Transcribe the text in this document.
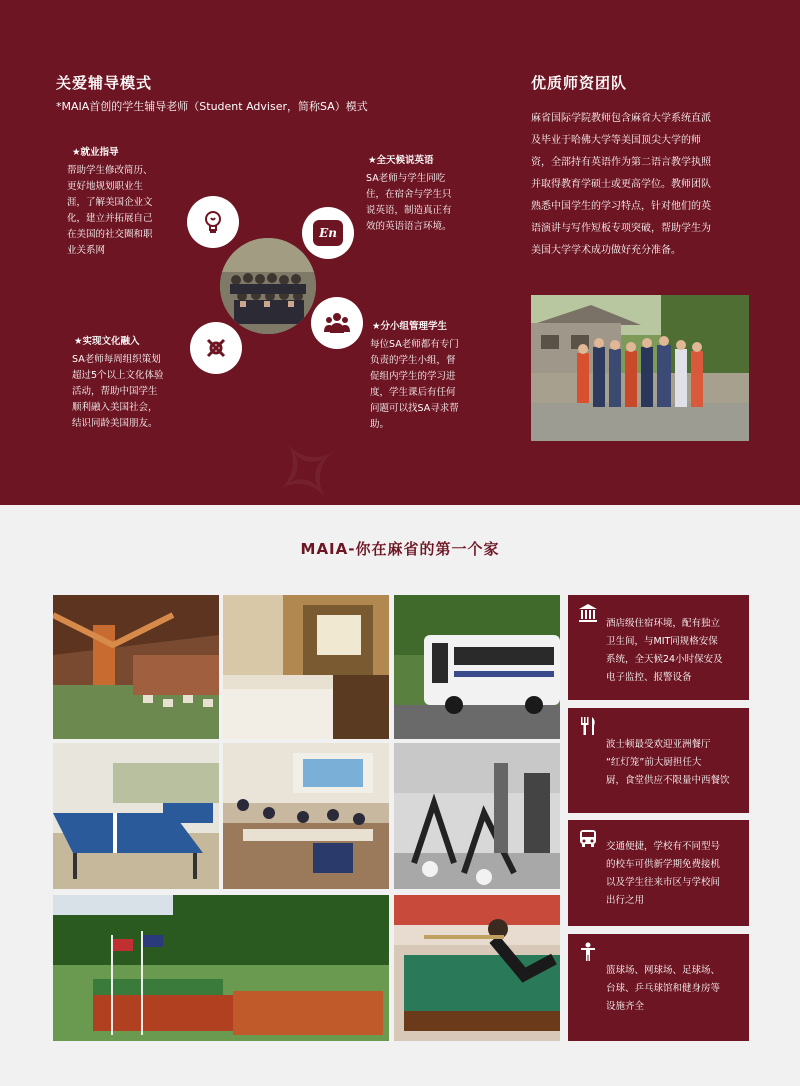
关爱辅导模式
*MAIA首创的学生辅导老师（Student Adviser，简称SA）模式
★就业指导
帮助学生修改简历、
更好地规划职业生
涯，了解美国企业文
化，建立并拓展自己
在美国的社交圈和职
业关系网
★全天候说英语
SA老师与学生同吃
住，在宿舍与学生只
说英语，制造真正有
效的英语语言环境。
★实现文化融入
SA老师每周组织策划
超过5个以上文化体验
活动，帮助中国学生
顺利融入美国社会，
结识同龄美国朋友。
★分小组管理学生
每位SA老师都有专门
负责的学生小组，督
促组内学生的学习进
度，学生课后有任何
问题可以找SA寻求帮
助。
En
优质师资团队
麻省国际学院教师包含麻省大学系统直派
及毕业于哈佛大学等美国顶尖大学的师
资，全部持有英语作为第二语言教学执照
并取得教育学硕士或更高学位。教师团队
熟悉中国学生的学习特点，针对他们的英
语演讲与写作短板专项突破，帮助学生为
美国大学学术成功做好充分准备。
✧
MAIA-你在麻省的第一个家
酒店级住宿环境，配有独立
卫生间，与MIT同规格安保
系统，全天候24小时保安及
电子监控、报警设备
波士顿最受欢迎亚洲餐厅
“红灯笼”前大厨担任大
厨，食堂供应不限量中西餐饮
交通便捷，学校有不同型号
的校车可供新学期免费接机
以及学生往来市区与学校间
出行之用
篮球场、网球场、足球场、
台球、乒乓球馆和健身房等
设施齐全
